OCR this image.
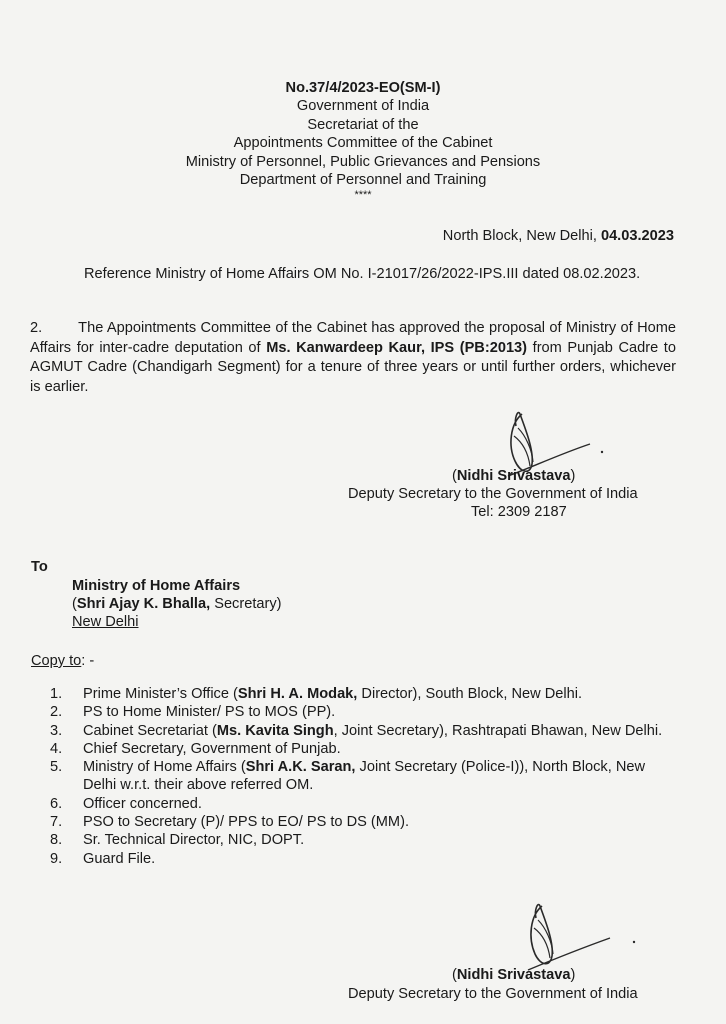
No.37/4/2023-EO(SM-I)
Government of India
Secretariat of the
Appointments Committee of the Cabinet
Ministry of Personnel, Public Grievances and Pensions
Department of Personnel and Training
****
North Block, New Delhi, 04.03.2023
Reference Ministry of Home Affairs OM No. I-21017/26/2022-IPS.III dated 08.02.2023.
2. The Appointments Committee of the Cabinet has approved the proposal of Ministry of Home Affairs for inter-cadre deputation of Ms. Kanwardeep Kaur, IPS (PB:2013) from Punjab Cadre to AGMUT Cadre (Chandigarh Segment) for a tenure of three years or until further orders, whichever is earlier.
(Nidhi Srivastava)
Deputy Secretary to the Government of India
Tel: 2309 2187
To
Ministry of Home Affairs
(Shri Ajay K. Bhalla, Secretary)
New Delhi
Copy to: -
1. Prime Minister’s Office (Shri H. A. Modak, Director), South Block, New Delhi.
2. PS to Home Minister/ PS to MOS (PP).
3. Cabinet Secretariat (Ms. Kavita Singh, Joint Secretary), Rashtrapati Bhawan, New Delhi.
4. Chief Secretary, Government of Punjab.
5. Ministry of Home Affairs (Shri A.K. Saran, Joint Secretary (Police-I)), North Block, New Delhi w.r.t. their above referred OM.
6. Officer concerned.
7. PSO to Secretary (P)/ PPS to EO/ PS to DS (MM).
8. Sr. Technical Director, NIC, DOPT.
9. Guard File.
(Nidhi Srivastava)
Deputy Secretary to the Government of India
